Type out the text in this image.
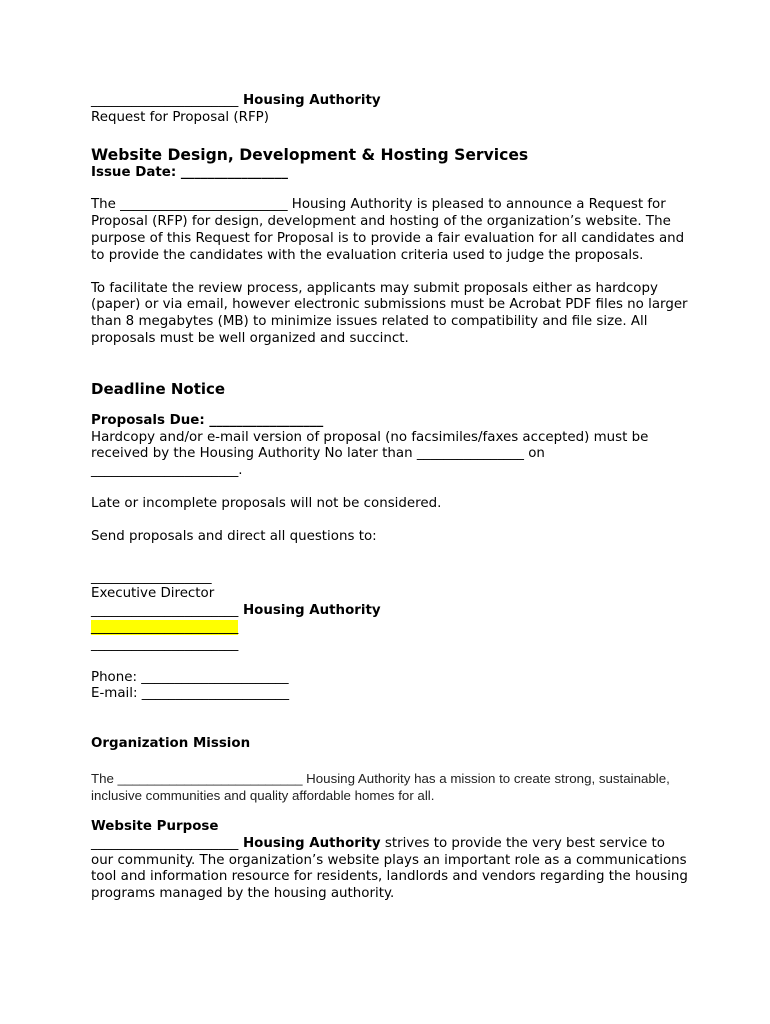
______________________ Housing Authority

Request for Proposal (RFP)

Website Design, Development & Hosting Services

Issue Date: ________________

The _________________________ Housing Authority is pleased to announce a Request for Proposal (RFP) for design, development and hosting of the organization’s website. The purpose of this Request for Proposal is to provide a fair evaluation for all candidates and to provide the candidates with the evaluation criteria used to judge the proposals.

To facilitate the review process, applicants may submit proposals either as hardcopy (paper) or via email, however electronic submissions must be Acrobat PDF files no larger than 8 megabytes (MB) to minimize issues related to compatibility and file size. All proposals must be well organized and succinct.

Deadline Notice

Proposals Due: _________________

Hardcopy and/or e-mail version of proposal (no facsimiles/faxes accepted) must be received by the Housing Authority No later than ________________ on ______________________.

Late or incomplete proposals will not be considered.

Send proposals and direct all questions to:

__________________

Executive Director

______________________ Housing Authority

______________________

______________________

Phone: ______________________

E-mail: ______________________

Organization Mission

The _________________________ Housing Authority has a mission to create strong, sustainable, inclusive communities and quality affordable homes for all.

Website Purpose

______________________ Housing Authority strives to provide the very best service to our community. The organization’s website plays an important role as a communications tool and information resource for residents, landlords and vendors regarding the housing programs managed by the housing authority.
